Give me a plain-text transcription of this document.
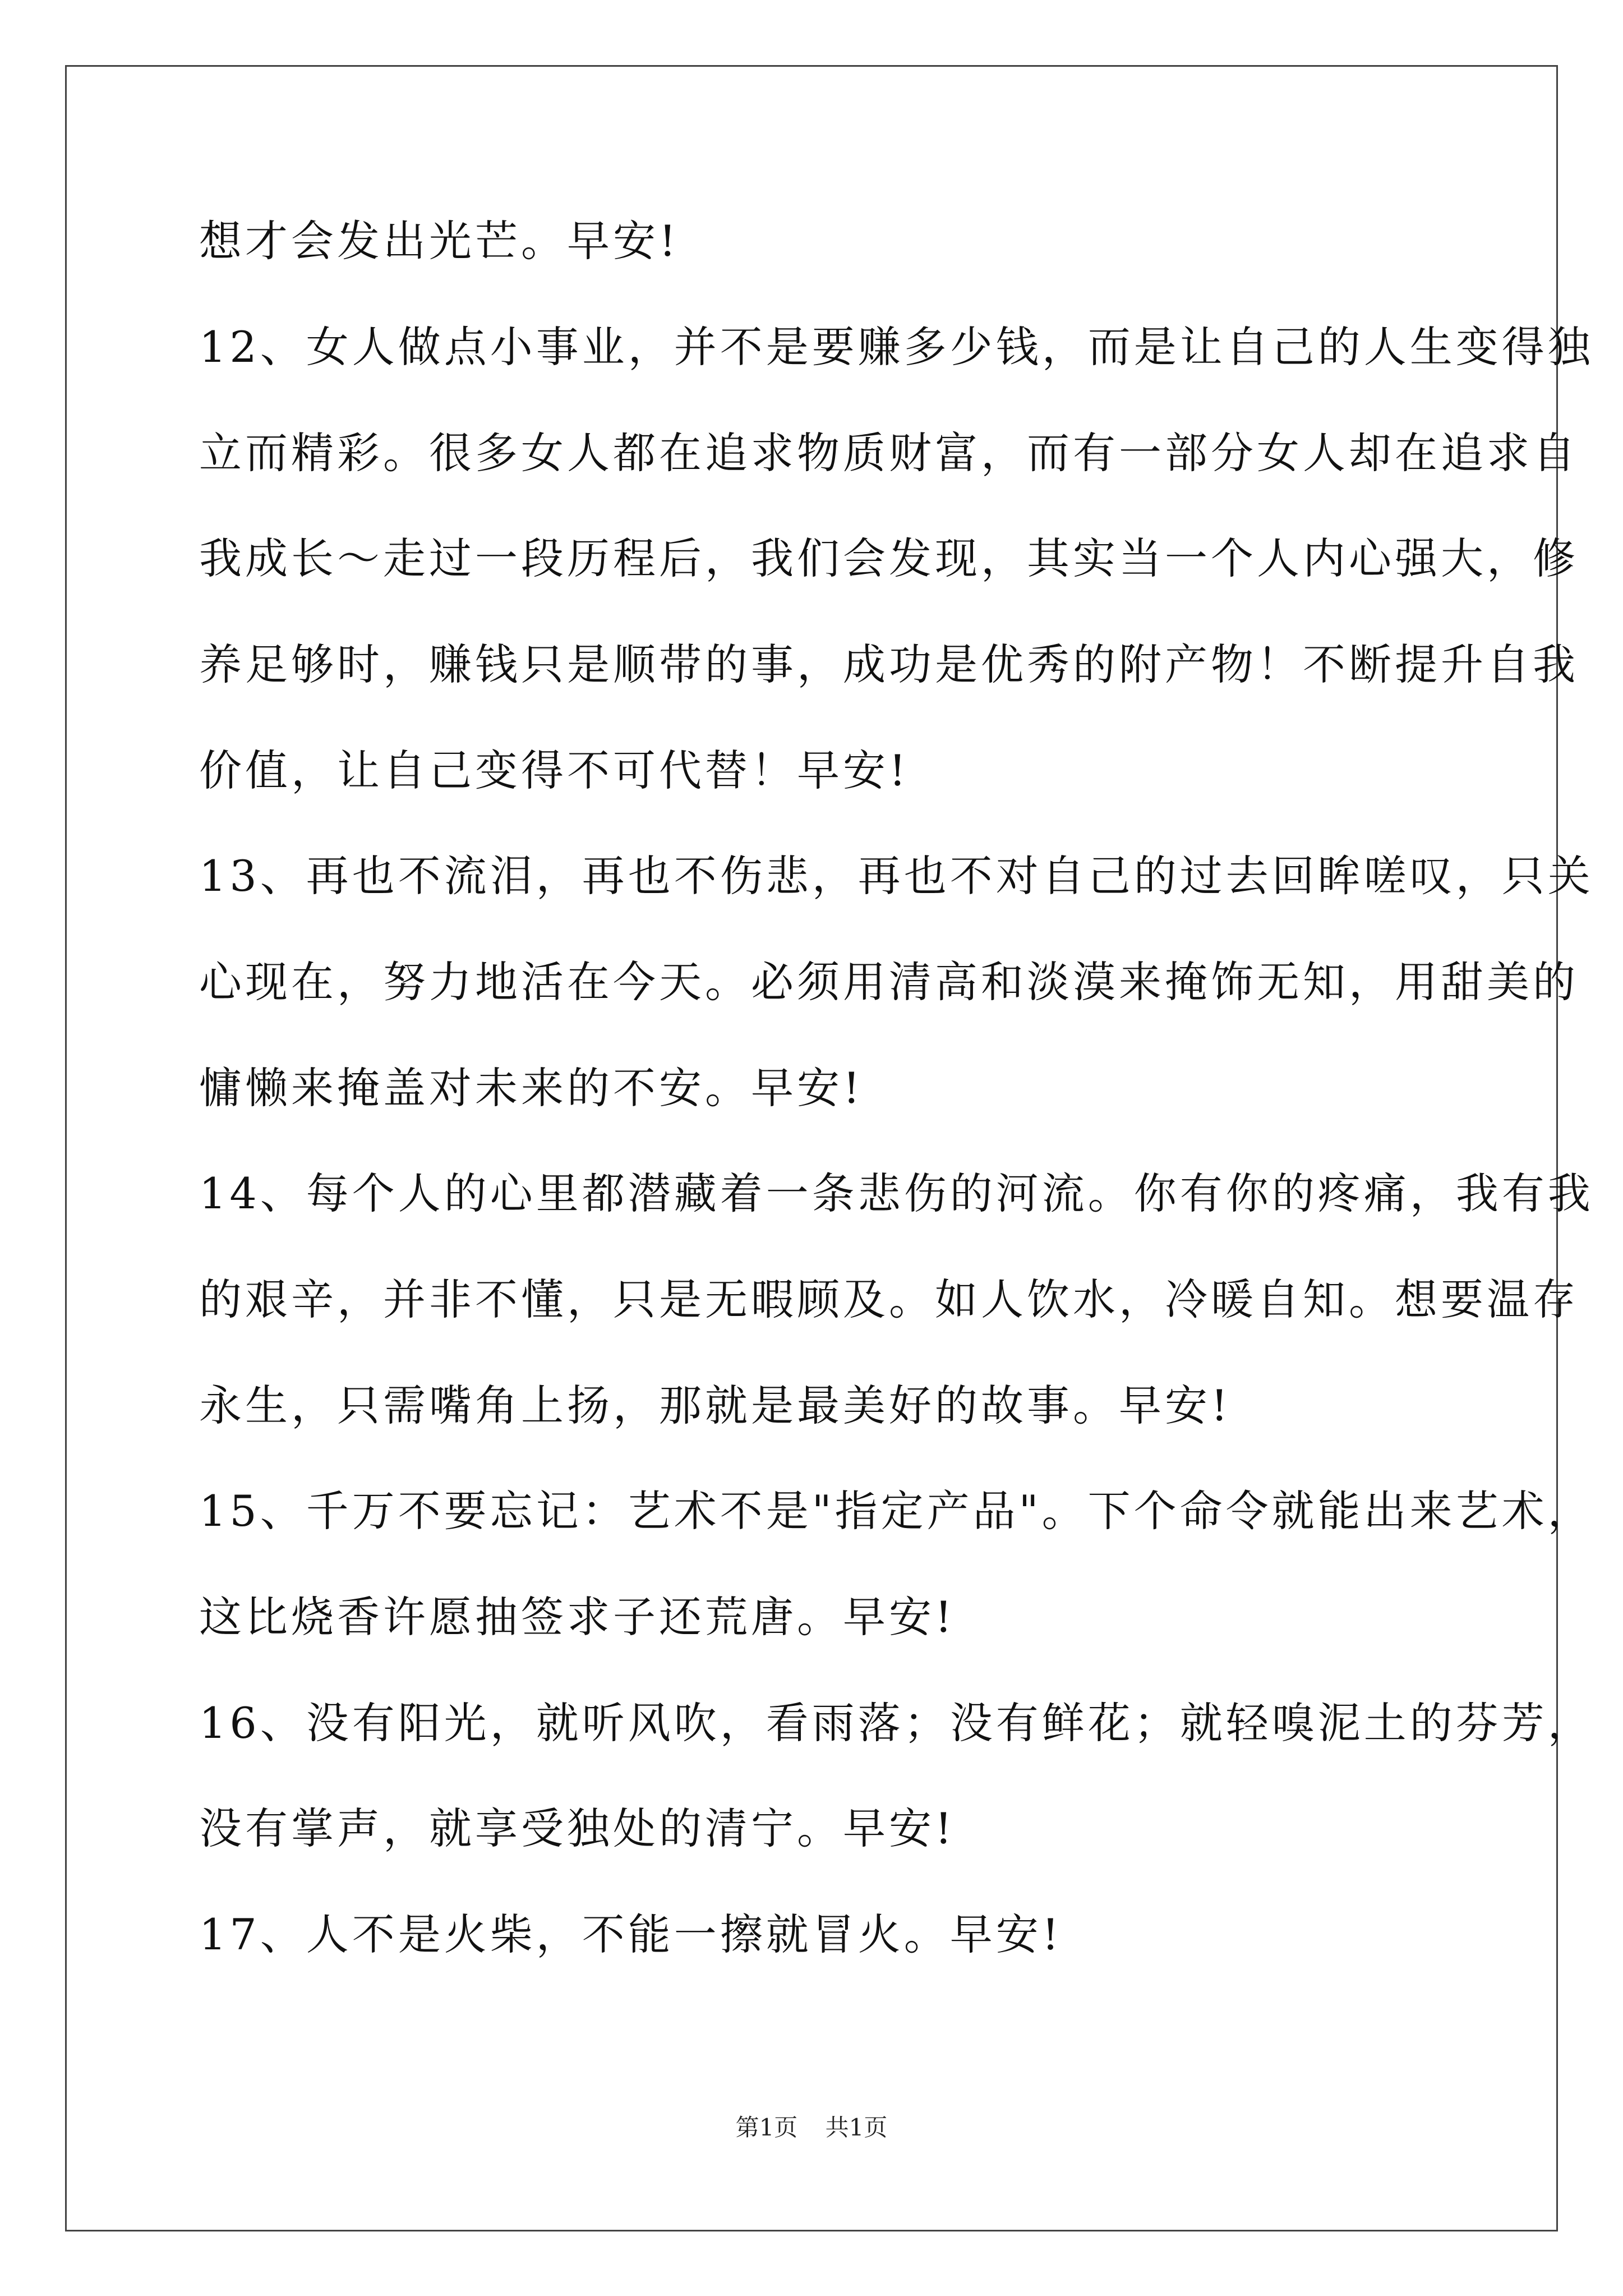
想才会发出光芒。早安!
12、女人做点小事业，并不是要赚多少钱，而是让自己的人生变得独
立而精彩。很多女人都在追求物质财富，而有一部分女人却在追求自
我成长～走过一段历程后，我们会发现，其实当一个人内心强大，修
养足够时，赚钱只是顺带的事，成功是优秀的附产物！不断提升自我
价值，让自己变得不可代替！早安!
13、再也不流泪，再也不伤悲，再也不对自己的过去回眸嗟叹，只关
心现在，努力地活在今天。必须用清高和淡漠来掩饰无知，用甜美的
慵懒来掩盖对未来的不安。早安!
14、每个人的心里都潜藏着一条悲伤的河流。你有你的疼痛，我有我
的艰辛，并非不懂，只是无暇顾及。如人饮水，冷暖自知。想要温存
永生，只需嘴角上扬，那就是最美好的故事。早安!
15、千万不要忘记：艺术不是"指定产品"。下个命令就能出来艺术，
这比烧香许愿抽签求子还荒唐。早安!
16、没有阳光，就听风吹，看雨落；没有鲜花；就轻嗅泥土的芬芳，
没有掌声，就享受独处的清宁。早安!
17、人不是火柴，不能一擦就冒火。早安!
第1页 共1页
